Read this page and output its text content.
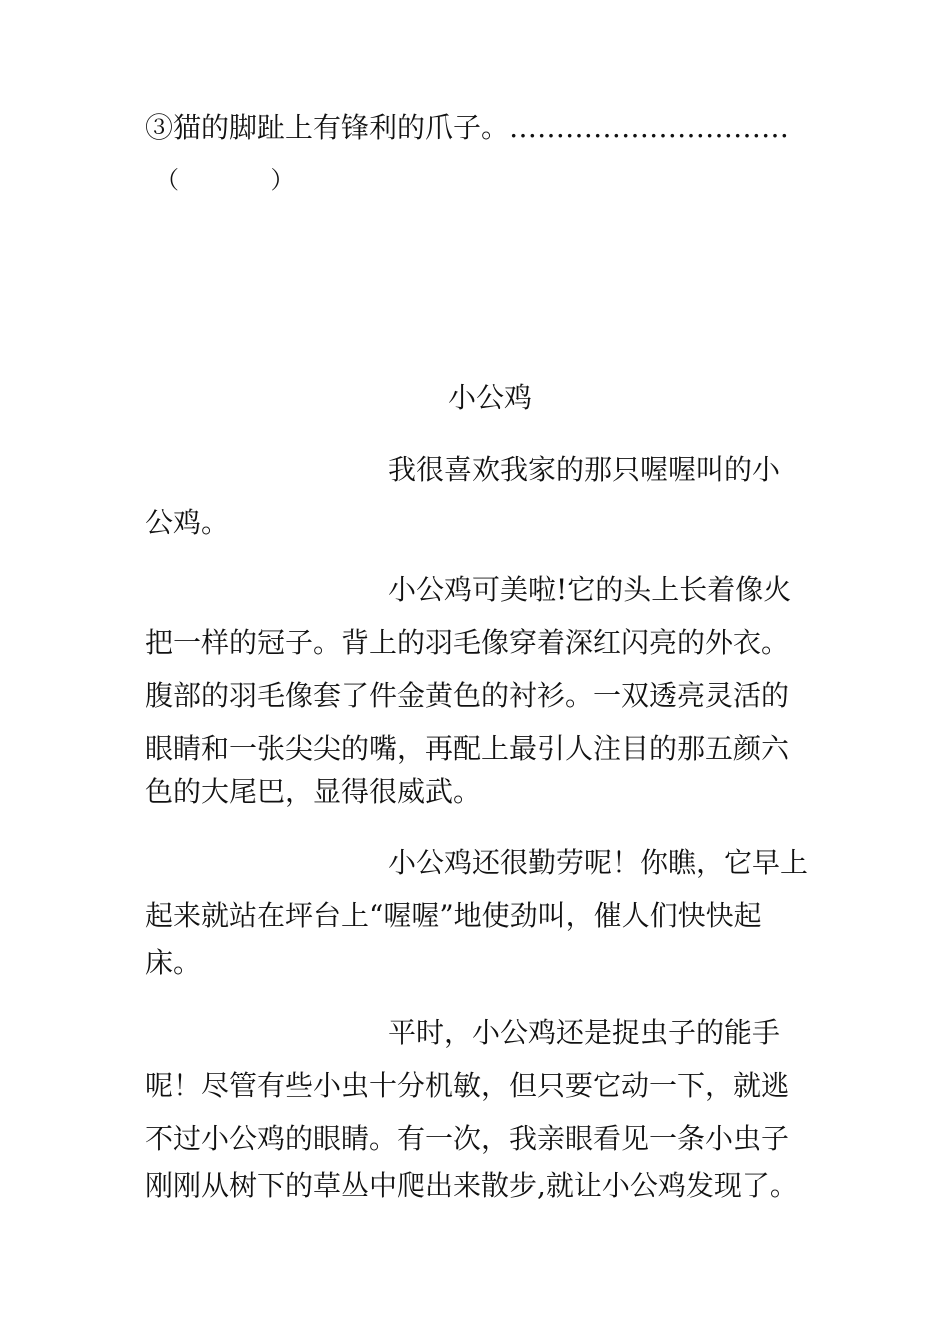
③猫的脚趾上有锋利的爪子。…………………………
（            ）
小公鸡
我很喜欢我家的那只喔喔叫的小
公鸡。
小公鸡可美啦!它的头上长着像火
把一样的冠子。背上的羽毛像穿着深红闪亮的外衣。
腹部的羽毛像套了件金黄色的衬衫。一双透亮灵活的
眼睛和一张尖尖的嘴，再配上最引人注目的那五颜六
色的大尾巴，显得很威武。
小公鸡还很勤劳呢！你瞧，它早上
起来就站在坪台上“喔喔”地使劲叫，催人们快快起
床。
平时，小公鸡还是捉虫子的能手
呢！尽管有些小虫十分机敏，但只要它动一下，就逃
不过小公鸡的眼睛。有一次，我亲眼看见一条小虫子
刚刚从树下的草丛中爬出来散步,就让小公鸡发现了。
